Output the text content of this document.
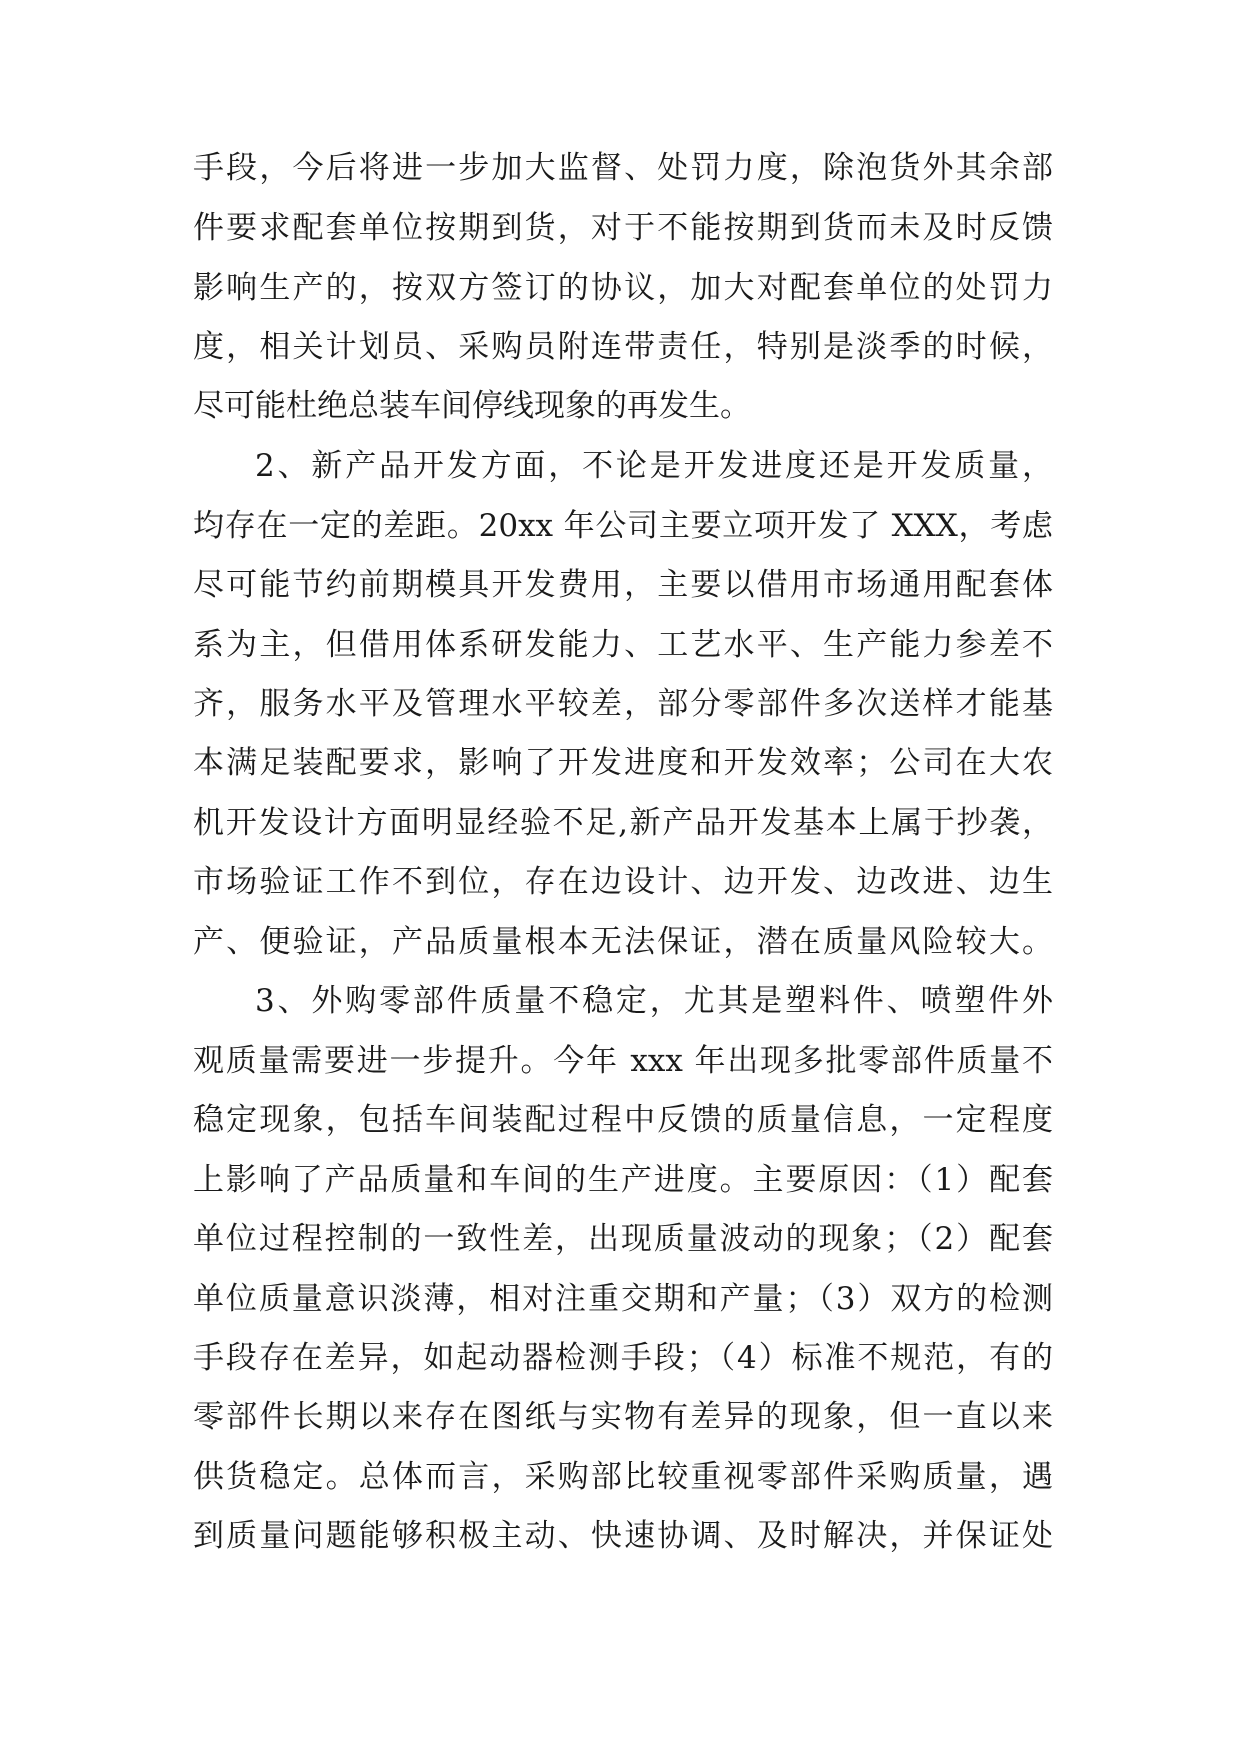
手段，今后将进一步加大监督、处罚力度，除泡货外其余部

件要求配套单位按期到货，对于不能按期到货而未及时反馈

影响生产的，按双方签订的协议，加大对配套单位的处罚力

度，相关计划员、采购员附连带责任，特别是淡季的时候，

尽可能杜绝总装车间停线现象的再发生。

2、新产品开发方面，不论是开发进度还是开发质量，

均存在一定的差距。20xx 年公司主要立项开发了 XXX，考虑

尽可能节约前期模具开发费用，主要以借用市场通用配套体

系为主，但借用体系研发能力、工艺水平、生产能力参差不

齐，服务水平及管理水平较差，部分零部件多次送样才能基

本满足装配要求，影响了开发进度和开发效率；公司在大农

机开发设计方面明显经验不足,新产品开发基本上属于抄袭，

市场验证工作不到位，存在边设计、边开发、边改进、边生

产、便验证，产品质量根本无法保证，潜在质量风险较大。

3、外购零部件质量不稳定，尤其是塑料件、喷塑件外

观质量需要进一步提升。今年 xxx 年出现多批零部件质量不

稳定现象，包括车间装配过程中反馈的质量信息，一定程度

上影响了产品质量和车间的生产进度。主要原因：（1）配套

单位过程控制的一致性差，出现质量波动的现象；（2）配套

单位质量意识淡薄，相对注重交期和产量；（3）双方的检测

手段存在差异，如起动器检测手段；（4）标准不规范，有的

零部件长期以来存在图纸与实物有差异的现象，但一直以来

供货稳定。总体而言，采购部比较重视零部件采购质量，遇

到质量问题能够积极主动、快速协调、及时解决，并保证处
